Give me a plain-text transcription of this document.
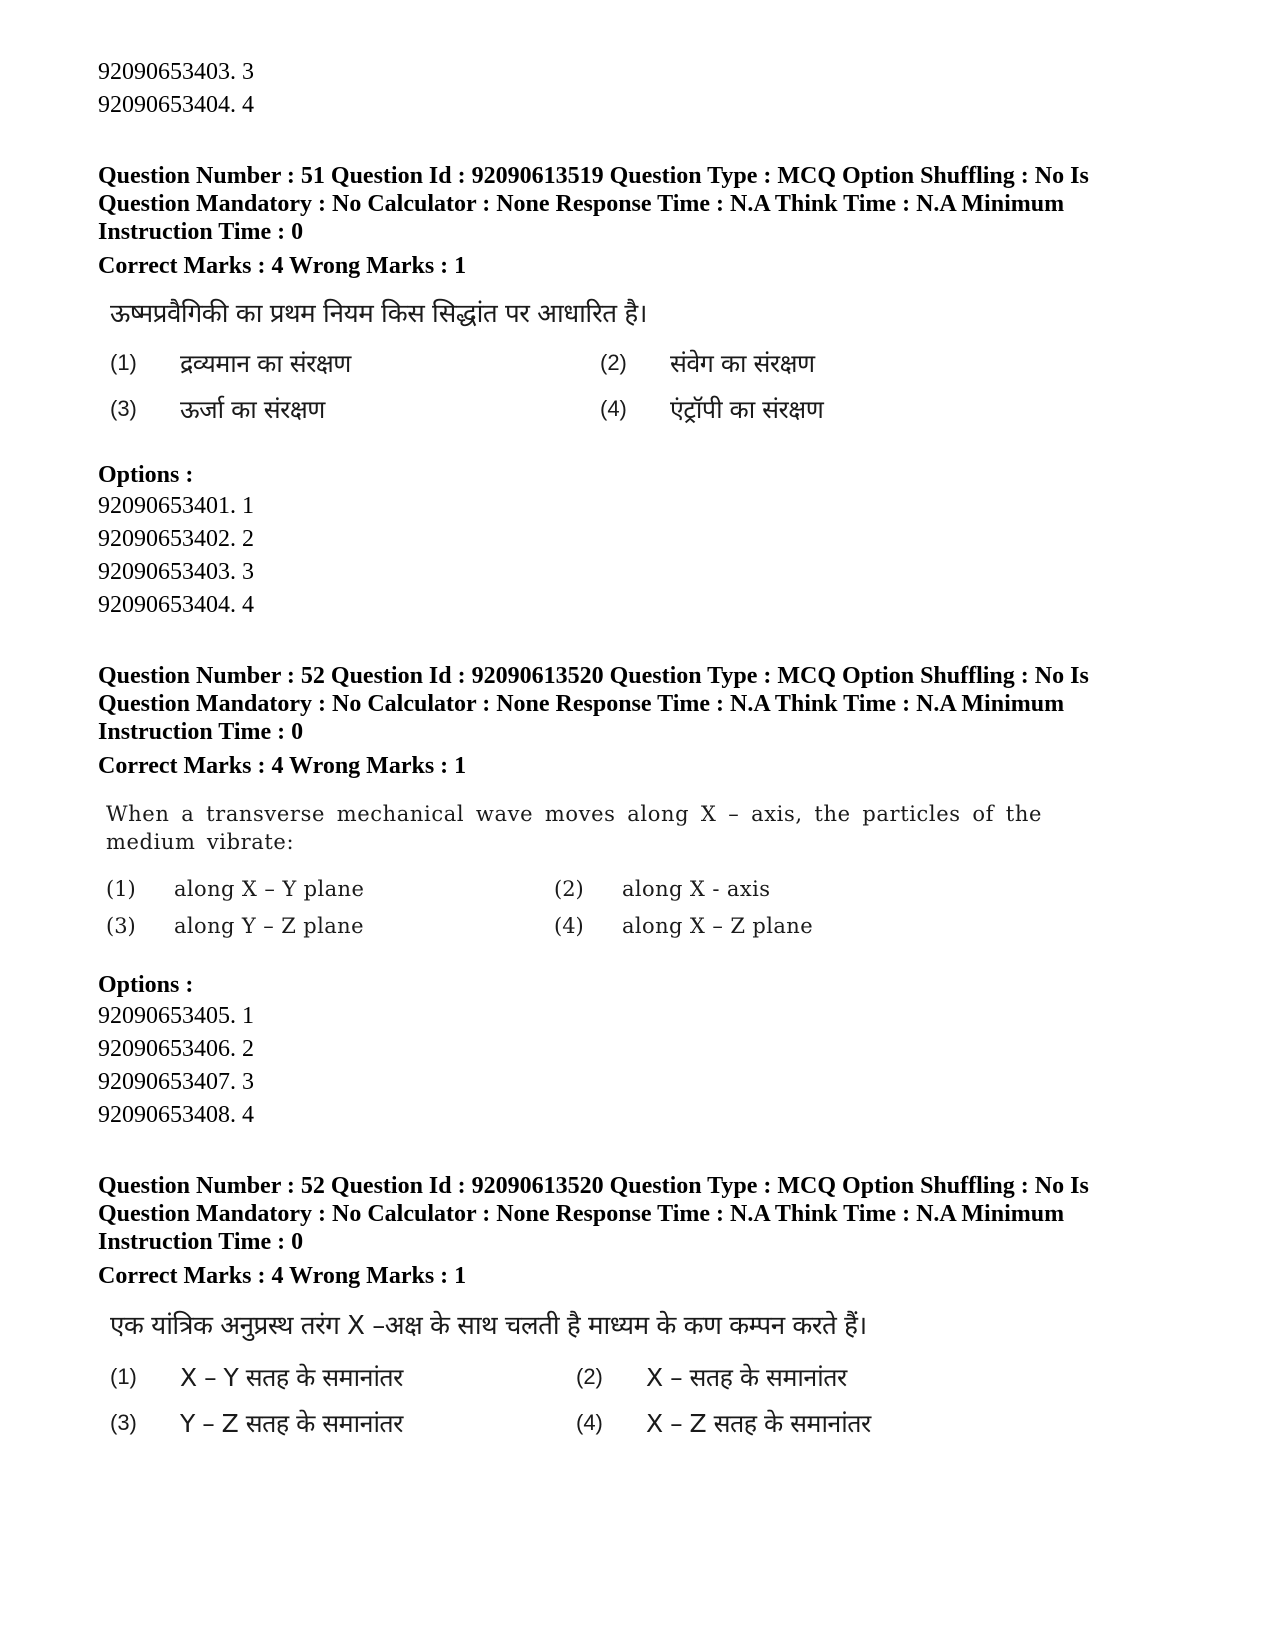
92090653403. 3
92090653404. 4
Question Number : 51 Question Id : 92090613519 Question Type : MCQ Option Shuffling : No Is Question Mandatory : No Calculator : None Response Time : N.A Think Time : N.A Minimum Instruction Time : 0
Correct Marks : 4 Wrong Marks : 1
ऊष्मप्रवैगिकी का प्रथम नियम किस सिद्धांत पर आधारित है।
(1)	द्रव्यमान का संरक्षण	(2)	संवेग का संरक्षण
(3)	ऊर्जा का संरक्षण	(4)	एंट्रॉपी का संरक्षण
Options :
92090653401. 1
92090653402. 2
92090653403. 3
92090653404. 4
Question Number : 52 Question Id : 92090613520 Question Type : MCQ Option Shuffling : No Is Question Mandatory : No Calculator : None Response Time : N.A Think Time : N.A Minimum Instruction Time : 0
Correct Marks : 4 Wrong Marks : 1
When a transverse mechanical wave moves along X – axis, the particles of the medium vibrate:
(1)	along X – Y plane	(2)	along X - axis
(3)	along Y – Z plane	(4)	along X – Z plane
Options :
92090653405. 1
92090653406. 2
92090653407. 3
92090653408. 4
Question Number : 52 Question Id : 92090613520 Question Type : MCQ Option Shuffling : No Is Question Mandatory : No Calculator : None Response Time : N.A Think Time : N.A Minimum Instruction Time : 0
Correct Marks : 4 Wrong Marks : 1
एक यांत्रिक अनुप्रस्थ तरंग X –अक्ष के साथ चलती है माध्यम के कण कम्पन करते हैं।
(1)	X – Y सतह के समानांतर	(2)	X – सतह के समानांतर
(3)	Y – Z सतह के समानांतर	(4)	X – Z सतह के समानांतर
